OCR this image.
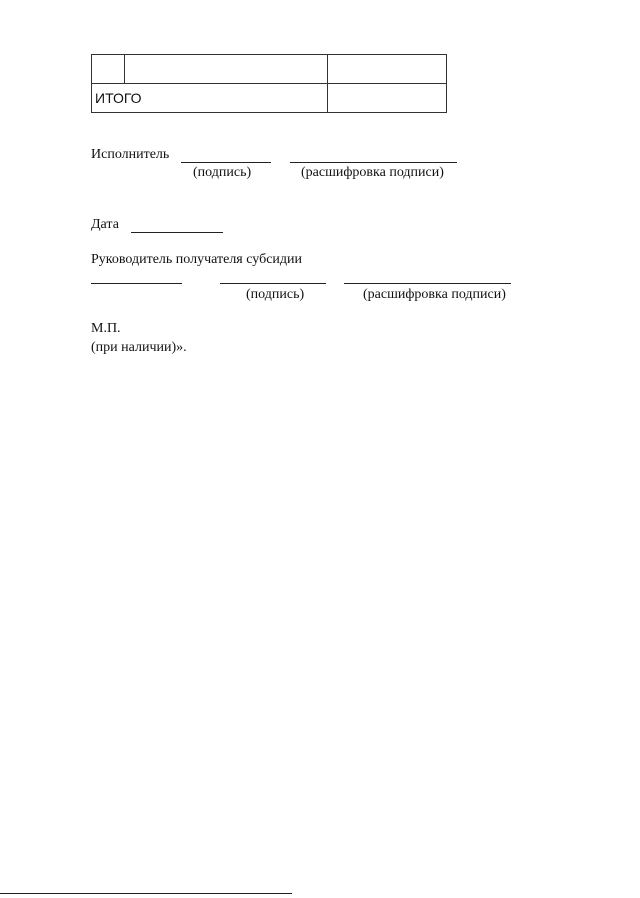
ИТОГО		
Исполнитель
(подпись)	(расшифровка подписи)
Дата
Руководитель получателя субсидии
(подпись)	(расшифровка подписи)
М.П.
(при наличии)».
